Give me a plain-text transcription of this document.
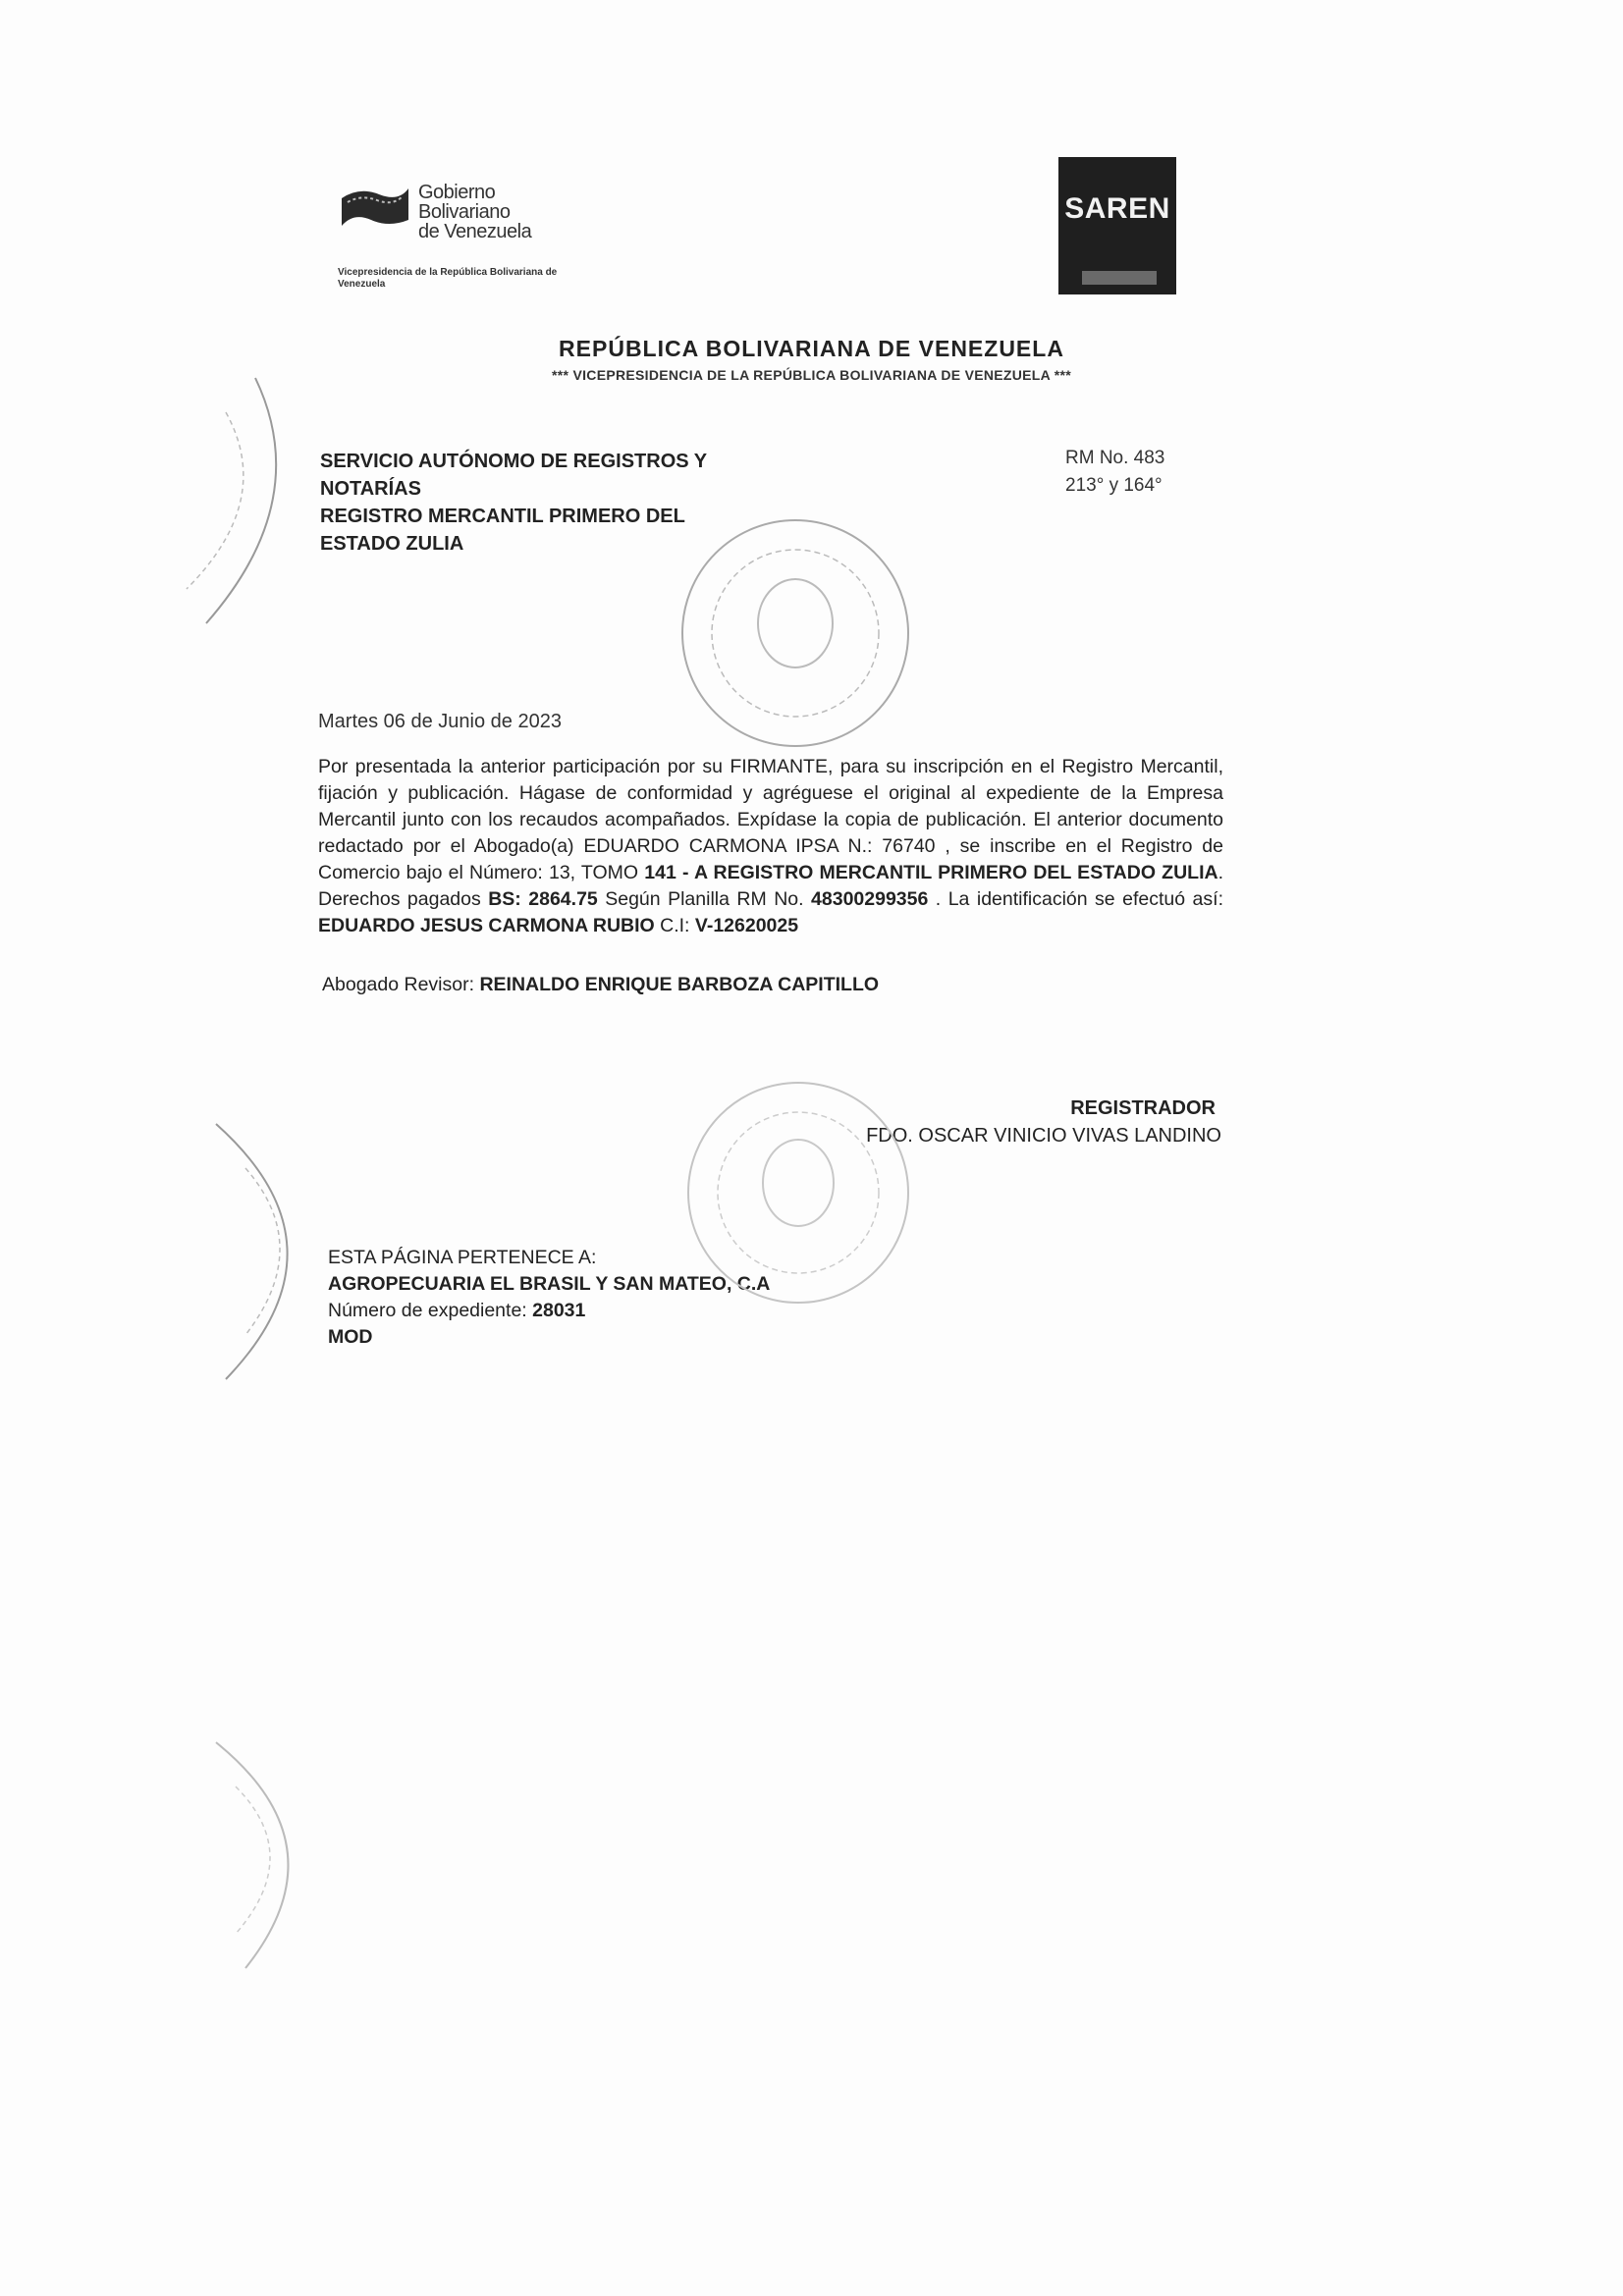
Gobierno
Bolivariano
de Venezuela
Vicepresidencia de la República Bolivariana de Venezuela
SAREN
REPÚBLICA BOLIVARIANA DE VENEZUELA
*** VICEPRESIDENCIA DE LA REPÚBLICA BOLIVARIANA DE VENEZUELA ***
SERVICIO AUTÓNOMO DE REGISTROS Y
NOTARÍAS
REGISTRO MERCANTIL PRIMERO DEL
ESTADO ZULIA
RM No. 483
213° y 164°
Martes 06 de Junio de 2023
Por presentada la anterior participación por su FIRMANTE, para su inscripción en el Registro Mercantil, fijación y publicación. Hágase de conformidad y agréguese el original al expediente de la Empresa Mercantil junto con los recaudos acompañados. Expídase la copia de publicación. El anterior documento redactado por el Abogado(a) EDUARDO CARMONA IPSA N.: 76740 , se inscribe en el Registro de Comercio bajo el Número: 13, TOMO 141 - A REGISTRO MERCANTIL PRIMERO DEL ESTADO ZULIA. Derechos pagados BS: 2864.75 Según Planilla RM No. 48300299356 . La identificación se efectuó así: EDUARDO JESUS CARMONA RUBIO C.I: V-12620025
Abogado Revisor: REINALDO ENRIQUE BARBOZA CAPITILLO
REGISTRADOR
FDO. OSCAR VINICIO VIVAS LANDINO
ESTA PÁGINA PERTENECE A:
AGROPECUARIA EL BRASIL Y SAN MATEO, C.A
Número de expediente: 28031
MOD
